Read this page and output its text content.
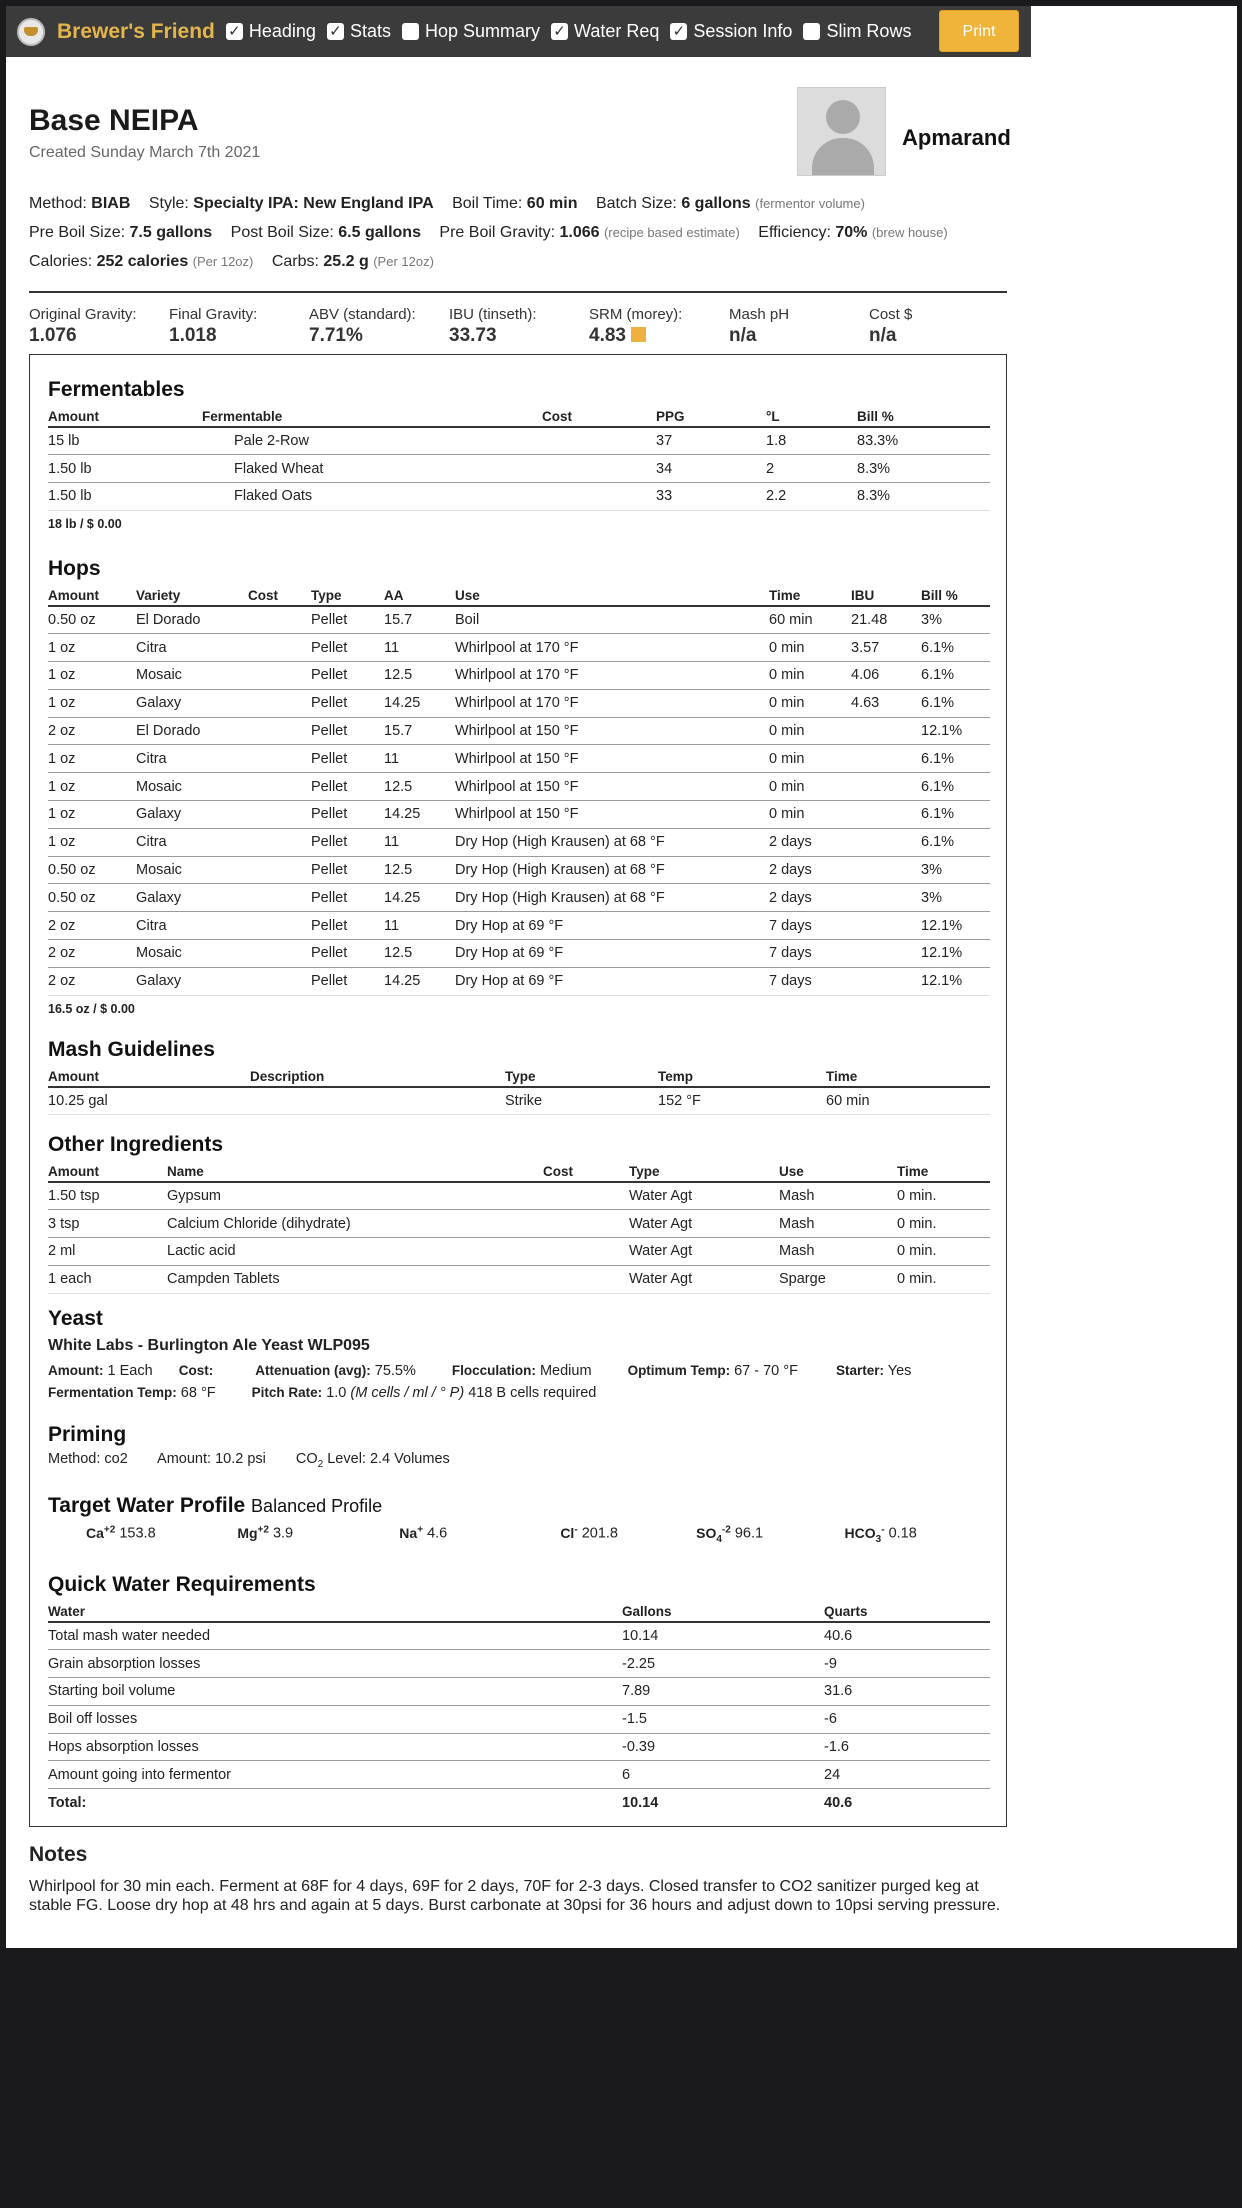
Brewer's Friend ✓ Heading ✓ Stats Hop Summary ✓ Water Req ✓ Session Info Slim Rows	Print
Base NEIPA
Created Sunday March 7th 2021
Apmarand
Method: BIAB Style: Specialty IPA: New England IPA Boil Time: 60 min Batch Size: 6 gallons (fermentor volume)
Pre Boil Size: 7.5 gallons Post Boil Size: 6.5 gallons Pre Boil Gravity: 1.066 (recipe based estimate) Efficiency: 70% (brew house)
Calories: 252 calories (Per 12oz) Carbs: 25.2 g (Per 12oz)
Original Gravity:
1.076
Final Gravity:
1.018
ABV (standard):
7.71%
IBU (tinseth):
33.73
SRM (morey):
4.83
Mash pH
n/a
Cost $
n/a
Fermentables
Amount	Fermentable	Cost	PPG	°L	Bill %
15 lb	Pale 2-Row		37	1.8	83.3%
1.50 lb	Flaked Wheat		34	2	8.3%
1.50 lb	Flaked Oats		33	2.2	8.3%
18 lb / $ 0.00
Hops
Amount	Variety	Cost	Type	AA	Use	Time	IBU	Bill %
0.50 oz	El Dorado		Pellet	15.7	Boil	60 min	21.48	3%
1 oz	Citra		Pellet	11	Whirlpool at 170 °F	0 min	3.57	6.1%
1 oz	Mosaic		Pellet	12.5	Whirlpool at 170 °F	0 min	4.06	6.1%
1 oz	Galaxy		Pellet	14.25	Whirlpool at 170 °F	0 min	4.63	6.1%
2 oz	El Dorado		Pellet	15.7	Whirlpool at 150 °F	0 min		12.1%
1 oz	Citra		Pellet	11	Whirlpool at 150 °F	0 min		6.1%
1 oz	Mosaic		Pellet	12.5	Whirlpool at 150 °F	0 min		6.1%
1 oz	Galaxy		Pellet	14.25	Whirlpool at 150 °F	0 min		6.1%
1 oz	Citra		Pellet	11	Dry Hop (High Krausen) at 68 °F	2 days		6.1%
0.50 oz	Mosaic		Pellet	12.5	Dry Hop (High Krausen) at 68 °F	2 days		3%
0.50 oz	Galaxy		Pellet	14.25	Dry Hop (High Krausen) at 68 °F	2 days		3%
2 oz	Citra		Pellet	11	Dry Hop at 69 °F	7 days		12.1%
2 oz	Mosaic		Pellet	12.5	Dry Hop at 69 °F	7 days		12.1%
2 oz	Galaxy		Pellet	14.25	Dry Hop at 69 °F	7 days		12.1%
16.5 oz / $ 0.00
Mash Guidelines
Amount	Description	Type	Temp	Time
10.25 gal		Strike	152 °F	60 min
Other Ingredients
Amount	Name	Cost	Type	Use	Time
1.50 tsp	Gypsum		Water Agt	Mash	0 min.
3 tsp	Calcium Chloride (dihydrate)		Water Agt	Mash	0 min.
2 ml	Lactic acid		Water Agt	Mash	0 min.
1 each	Campden Tablets		Water Agt	Sparge	0 min.
Yeast
White Labs - Burlington Ale Yeast WLP095
Amount: 1 Each Cost:	Attenuation (avg): 75.5%	Flocculation: Medium	Optimum Temp: 67 - 70 °F	Starter: Yes
Fermentation Temp: 68 °F	Pitch Rate: 1.0 (M cells / ml / ° P) 418 B cells required
Priming
Method: co2 Amount: 10.2 psi $CO_2$ Level: 2.4 Volumes
Target Water Profile Balanced Profile
$Ca^{+2}$ 153.8	$Mg^{+2}$ 3.9	Na+ 4.6	Cl- 201.8	$SO_4^{-2}$ 96.1	$HCO_3^-$ 0.18
Quick Water Requirements
Water	Gallons	Quarts
Total mash water needed	10.14	40.6
Grain absorption losses	-2.25	-9
Starting boil volume	7.89	31.6
Boil off losses	-1.5	-6
Hops absorption losses	-0.39	-1.6
Amount going into fermentor	6	24
Total:	10.14	40.6
Notes

Whirlpool for 30 min each. Ferment at 68F for 4 days, 69F for 2 days, 70F for 2-3 days. Closed transfer to CO2 sanitizer purged keg at stable FG. Loose dry hop at 48 hrs and again at 5 days. Burst carbonate at 30psi for 36 hours and adjust down to 10psi serving pressure.
